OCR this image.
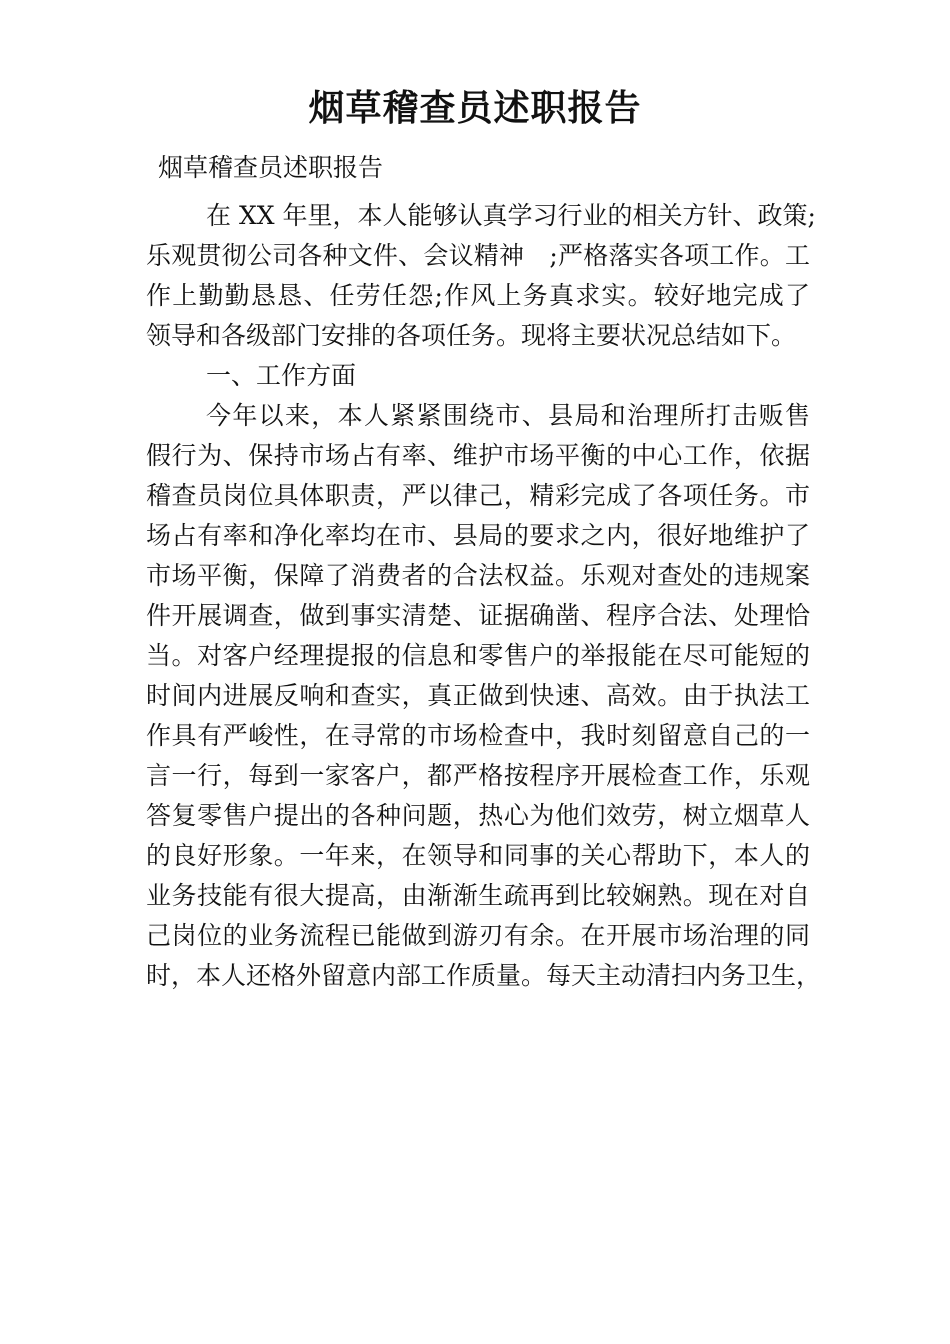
烟草稽查员述职报告

烟草稽查员述职报告

在 XX 年里，本人能够认真学习行业的相关方针、政策;
乐观贯彻公司各种文件、会议精神　;严格落实各项工作。工
作上勤勤恳恳、任劳任怨;作风上务真求实。较好地完成了
领导和各级部门安排的各项任务。现将主要状况总结如下。
一、工作方面
今年以来，本人紧紧围绕市、县局和治理所打击贩售
假行为、保持市场占有率、维护市场平衡的中心工作，依据
稽查员岗位具体职责，严以律己，精彩完成了各项任务。市
场占有率和净化率均在市、县局的要求之内，很好地维护了
市场平衡，保障了消费者的合法权益。乐观对查处的违规案
件开展调查，做到事实清楚、证据确凿、程序合法、处理恰
当。对客户经理提报的信息和零售户的举报能在尽可能短的
时间内进展反响和查实，真正做到快速、高效。由于执法工
作具有严峻性，在寻常的市场检查中，我时刻留意自己的一
言一行，每到一家客户，都严格按程序开展检查工作，乐观
答复零售户提出的各种问题，热心为他们效劳，树立烟草人
的良好形象。一年来，在领导和同事的关心帮助下，本人的
业务技能有很大提高，由渐渐生疏再到比较娴熟。现在对自
己岗位的业务流程已能做到游刃有余。在开展市场治理的同
时，本人还格外留意内部工作质量。每天主动清扫内务卫生，
